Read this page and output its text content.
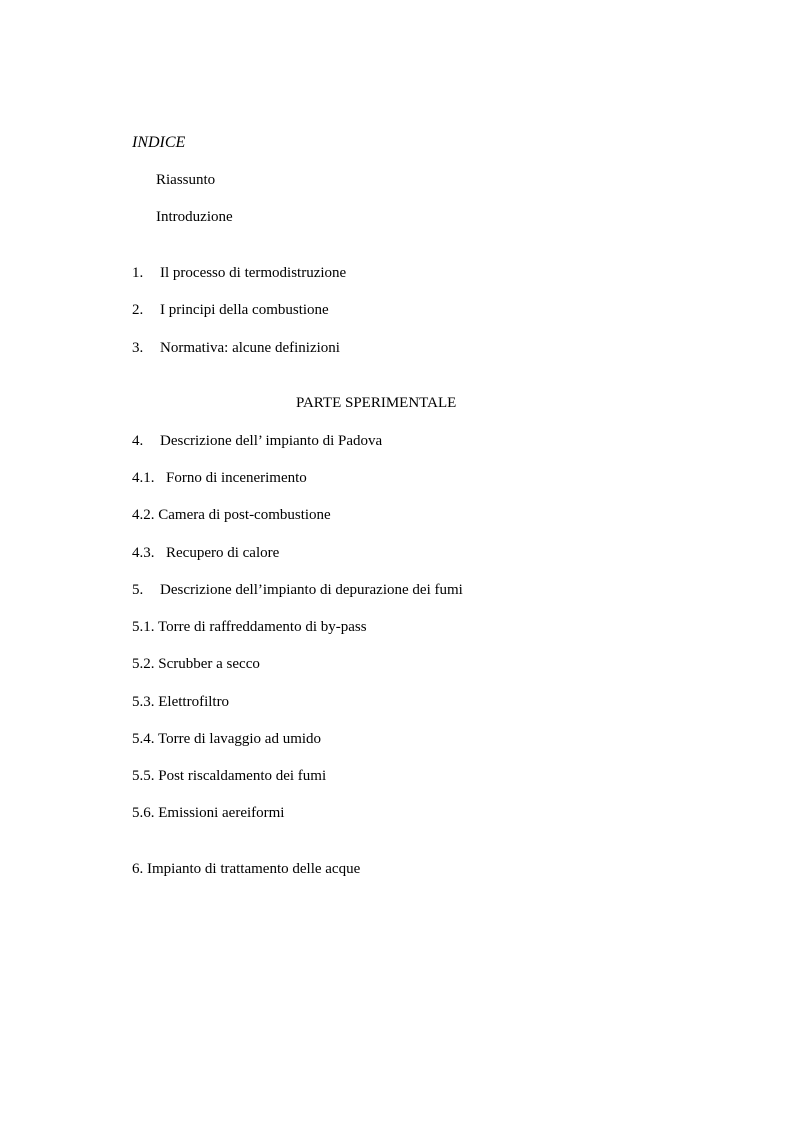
INDICE
Riassunto
Introduzione
1. Il processo di termodistruzione
2. I principi della combustione
3. Normativa: alcune definizioni
PARTE SPERIMENTALE
4. Descrizione dell’ impianto di Padova
4.1. Forno di incenerimento
4.2. Camera di post-combustione
4.3. Recupero di calore
5. Descrizione dell’impianto di depurazione dei fumi
5.1. Torre di raffreddamento di by-pass
5.2. Scrubber a secco
5.3. Elettrofiltro
5.4. Torre di lavaggio ad umido
5.5. Post riscaldamento dei fumi
5.6. Emissioni aereiformi
6. Impianto di trattamento delle acque
